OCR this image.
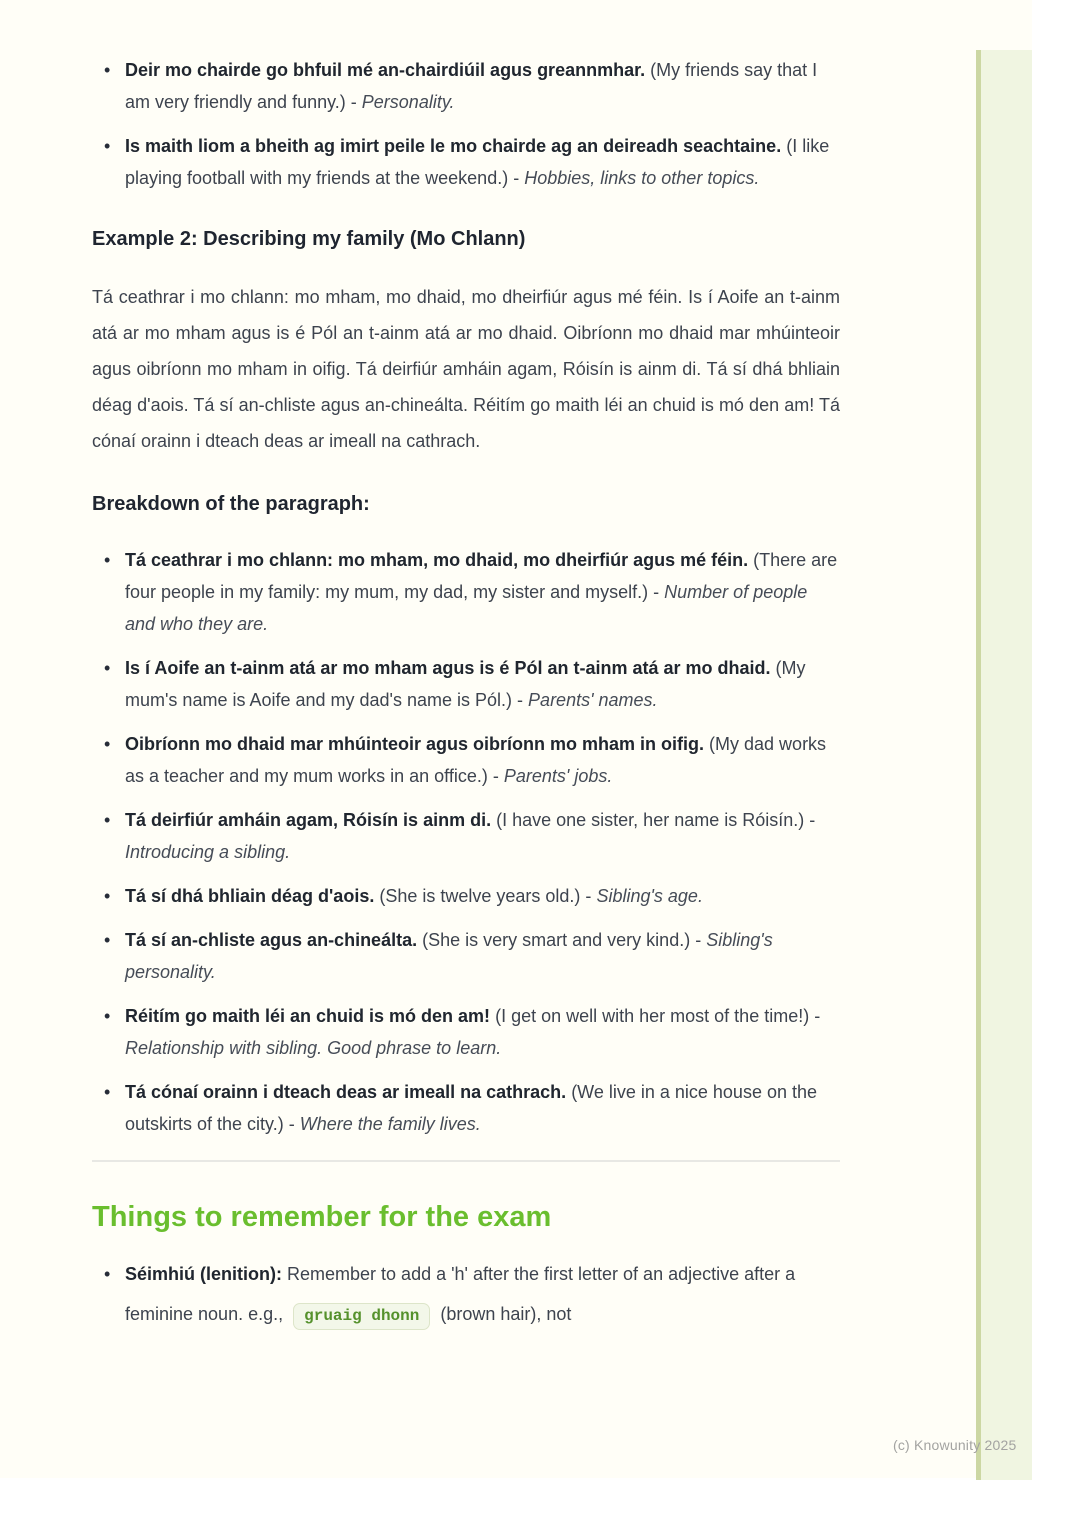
• Deir mo chairde go bhfuil mé an-chairdiúil agus greannmhar. (My friends say that I am very friendly and funny.) - Personality.
• Is maith liom a bheith ag imirt peile le mo chairde ag an deireadh seachtaine. (I like playing football with my friends at the weekend.) - Hobbies, links to other topics.
Example 2: Describing my family (Mo Chlann)

Tá ceathrar i mo chlann: mo mham, mo dhaid, mo dheirfiúr agus mé féin. Is í Aoife an t-ainm atá ar mo mham agus is é Pól an t-ainm atá ar mo dhaid. Oibríonn mo dhaid mar mhúinteoir agus oibríonn mo mham in oifig. Tá deirfiúr amháin agam, Róisín is ainm di. Tá sí dhá bhliain déag d'aois. Tá sí an-chliste agus an-chineálta. Réitím go maith léi an chuid is mó den am! Tá cónaí orainn i dteach deas ar imeall na cathrach.

Breakdown of the paragraph:
• Tá ceathrar i mo chlann: mo mham, mo dhaid, mo dheirfiúr agus mé féin. (There are four people in my family: my mum, my dad, my sister and myself.) - Number of people and who they are.
• Is í Aoife an t-ainm atá ar mo mham agus is é Pól an t-ainm atá ar mo dhaid. (My mum's name is Aoife and my dad's name is Pól.) - Parents' names.
• Oibríonn mo dhaid mar mhúinteoir agus oibríonn mo mham in oifig. (My dad works as a teacher and my mum works in an office.) - Parents' jobs.
• Tá deirfiúr amháin agam, Róisín is ainm di. (I have one sister, her name is Róisín.) - Introducing a sibling.
• Tá sí dhá bhliain déag d'aois. (She is twelve years old.) - Sibling's age.
• Tá sí an-chliste agus an-chineálta. (She is very smart and very kind.) - Sibling's personality.
• Réitím go maith léi an chuid is mó den am! (I get on well with her most of the time!) - Relationship with sibling. Good phrase to learn.
• Tá cónaí orainn i dteach deas ar imeall na cathrach. (We live in a nice house on the outskirts of the city.) - Where the family lives.
Things to remember for the exam
• Séimhiú (lenition): Remember to add a 'h' after the first letter of an adjective after a feminine noun. e.g., gruaig dhonn (brown hair), not
(c) Knowunity 2025
